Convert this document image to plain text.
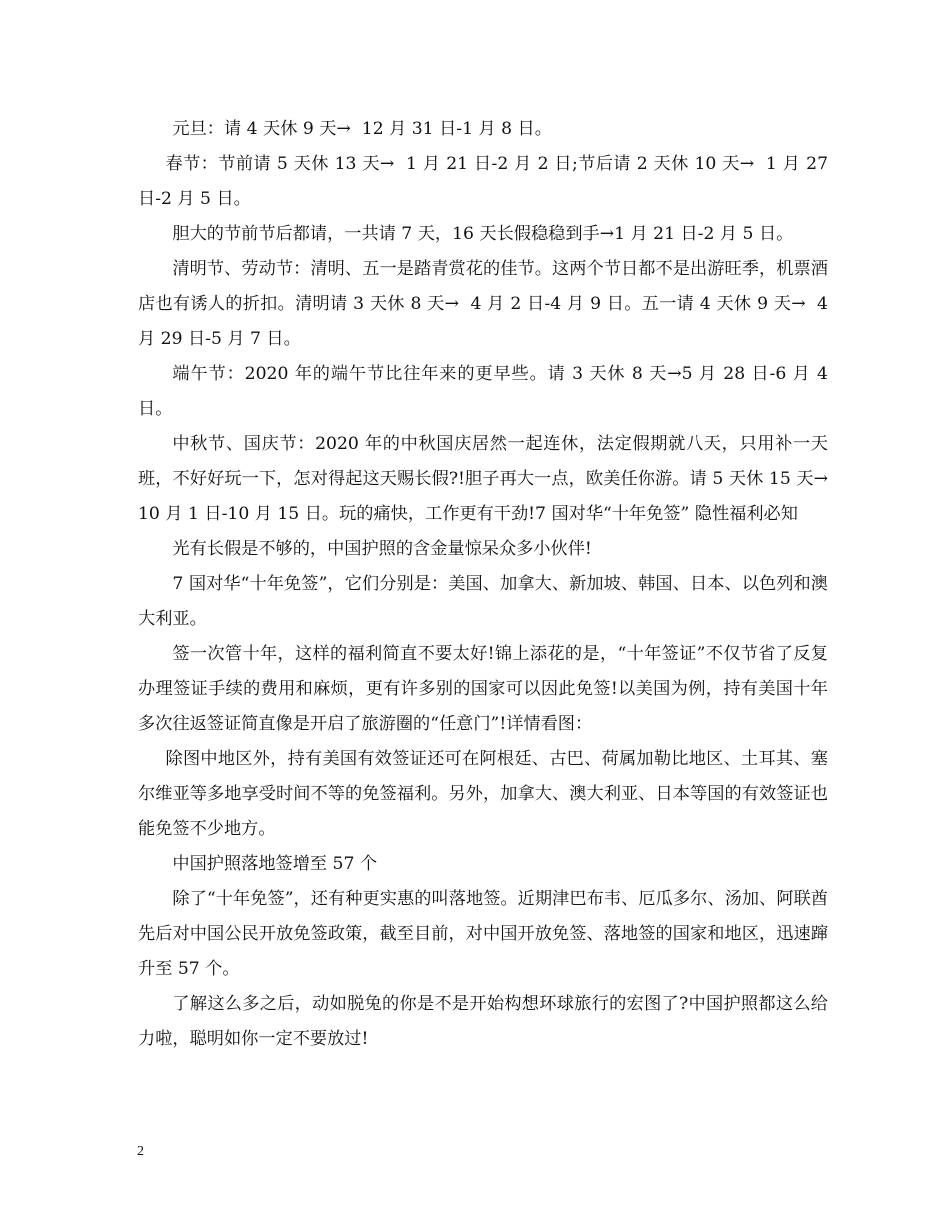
元旦：请 4 天休 9 天→  12 月 31 日-1 月 8 日。

春节：节前请 5 天休 13 天→  1 月 21 日-2 月 2 日;节后请 2 天休 10 天→  1 月 27 日-2 月 5 日。

胆大的节前节后都请，一共请 7 天，16 天长假稳稳到手→1 月 21 日-2 月 5 日。

清明节、劳动节：清明、五一是踏青赏花的佳节。这两个节日都不是出游旺季，机票酒店也有诱人的折扣。清明请 3 天休 8 天→  4 月 2 日-4 月 9 日。五一请 4 天休 9 天→  4 月 29 日-5 月 7 日。

端午节：2020 年的端午节比往年来的更早些。请 3 天休 8 天→5 月 28 日-6 月 4 日。

中秋节、国庆节：2020 年的中秋国庆居然一起连休，法定假期就八天，只用补一天班，不好好玩一下，怎对得起这天赐长假?!胆子再大一点，欧美任你游。请 5 天休 15 天→  10 月 1 日-10 月 15 日。玩的痛快，工作更有干劲!7 国对华“十年免签” 隐性福利必知

光有长假是不够的，中国护照的含金量惊呆众多小伙伴!

7 国对华“十年免签”，它们分别是：美国、加拿大、新加坡、韩国、日本、以色列和澳大利亚。

签一次管十年，这样的福利简直不要太好!锦上添花的是，“十年签证”不仅节省了反复办理签证手续的费用和麻烦，更有许多别的国家可以因此免签!以美国为例，持有美国十年多次往返签证简直像是开启了旅游圈的“任意门”!详情看图：

除图中地区外，持有美国有效签证还可在阿根廷、古巴、荷属加勒比地区、土耳其、塞尔维亚等多地享受时间不等的免签福利。另外，加拿大、澳大利亚、日本等国的有效签证也能免签不少地方。

中国护照落地签增至 57 个

除了“十年免签”，还有种更实惠的叫落地签。近期津巴布韦、厄瓜多尔、汤加、阿联酋先后对中国公民开放免签政策，截至目前，对中国开放免签、落地签的国家和地区，迅速蹿升至 57 个。

了解这么多之后，动如脱兔的你是不是开始构想环球旅行的宏图了?中国护照都这么给力啦，聪明如你一定不要放过!

2
